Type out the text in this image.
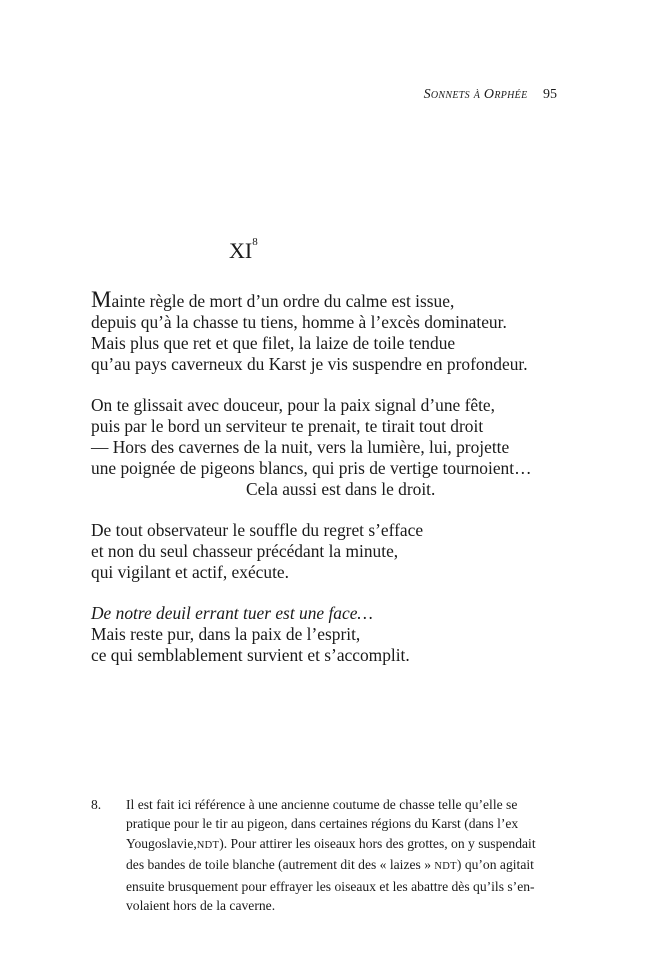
Sonnets à Orphée 95
$XI^8$
Mainte règle de mort d’un ordre du calme est issue,
depuis qu’à la chasse tu tiens, homme à l’excès dominateur.
Mais plus que ret et que filet, la laize de toile tendue
qu’au pays caverneux du Karst je vis suspendre en profondeur.
On te glissait avec douceur, pour la paix signal d’une fête,
puis par le bord un serviteur te prenait, te tirait tout droit
— Hors des cavernes de la nuit, vers la lumière, lui, projette
une poignée de pigeons blancs, qui pris de vertige tournoient…
Cela aussi est dans le droit.
De tout observateur le souffle du regret s’efface
et non du seul chasseur précédant la minute,
qui vigilant et actif, exécute.
De notre deuil errant tuer est une face…
Mais reste pur, dans la paix de l’esprit,
ce qui semblablement survient et s’accomplit.
8. Il est fait ici référence à une ancienne coutume de chasse telle qu’elle se
pratique pour le tir au pigeon, dans certaines régions du Karst (dans l’ex
Yougoslavie,NDT). Pour attirer les oiseaux hors des grottes, on y suspendait
des bandes de toile blanche (autrement dit des « laizes » NDT) qu’on agitait
ensuite brusquement pour effrayer les oiseaux et les abattre dès qu’ils s’en-
volaient hors de la caverne.
